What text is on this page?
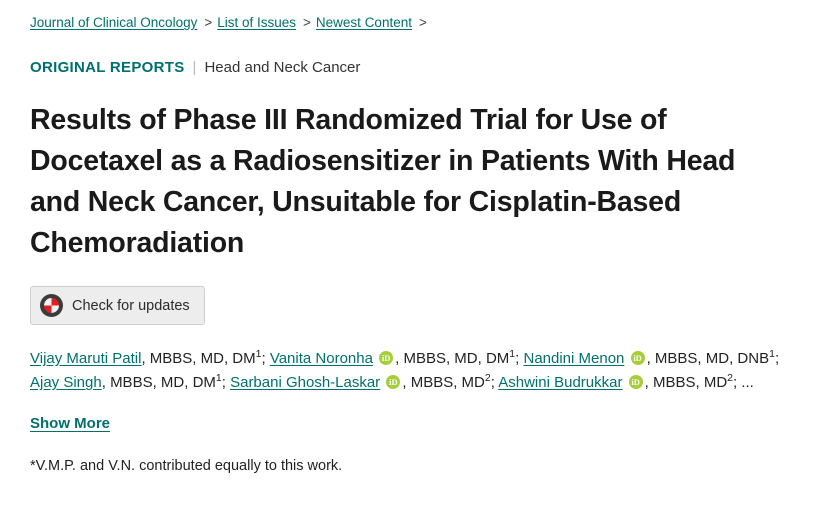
Journal of Clinical Oncology > List of Issues > Newest Content >
ORIGINAL REPORTS | Head and Neck Cancer
Results of Phase III Randomized Trial for Use of Docetaxel as a Radiosensitizer in Patients With Head and Neck Cancer, Unsuitable for Cisplatin-Based Chemoradiation
Check for updates
Vijay Maruti Patil, MBBS, MD, $DM^1$; Vanita Noronha iD , MBBS, MD, $DM^1$; Nandini Menon iD , MBBS, MD, DNB$^1$; Ajay Singh, MBBS, MD, $DM^1$; Sarbani Ghosh-Laskar iD , MBBS, $MD^2$; Ashwini Budrukkar iD , MBBS, $MD^2$; ...
Show More
*V.M.P. and V.N. contributed equally to this work.
